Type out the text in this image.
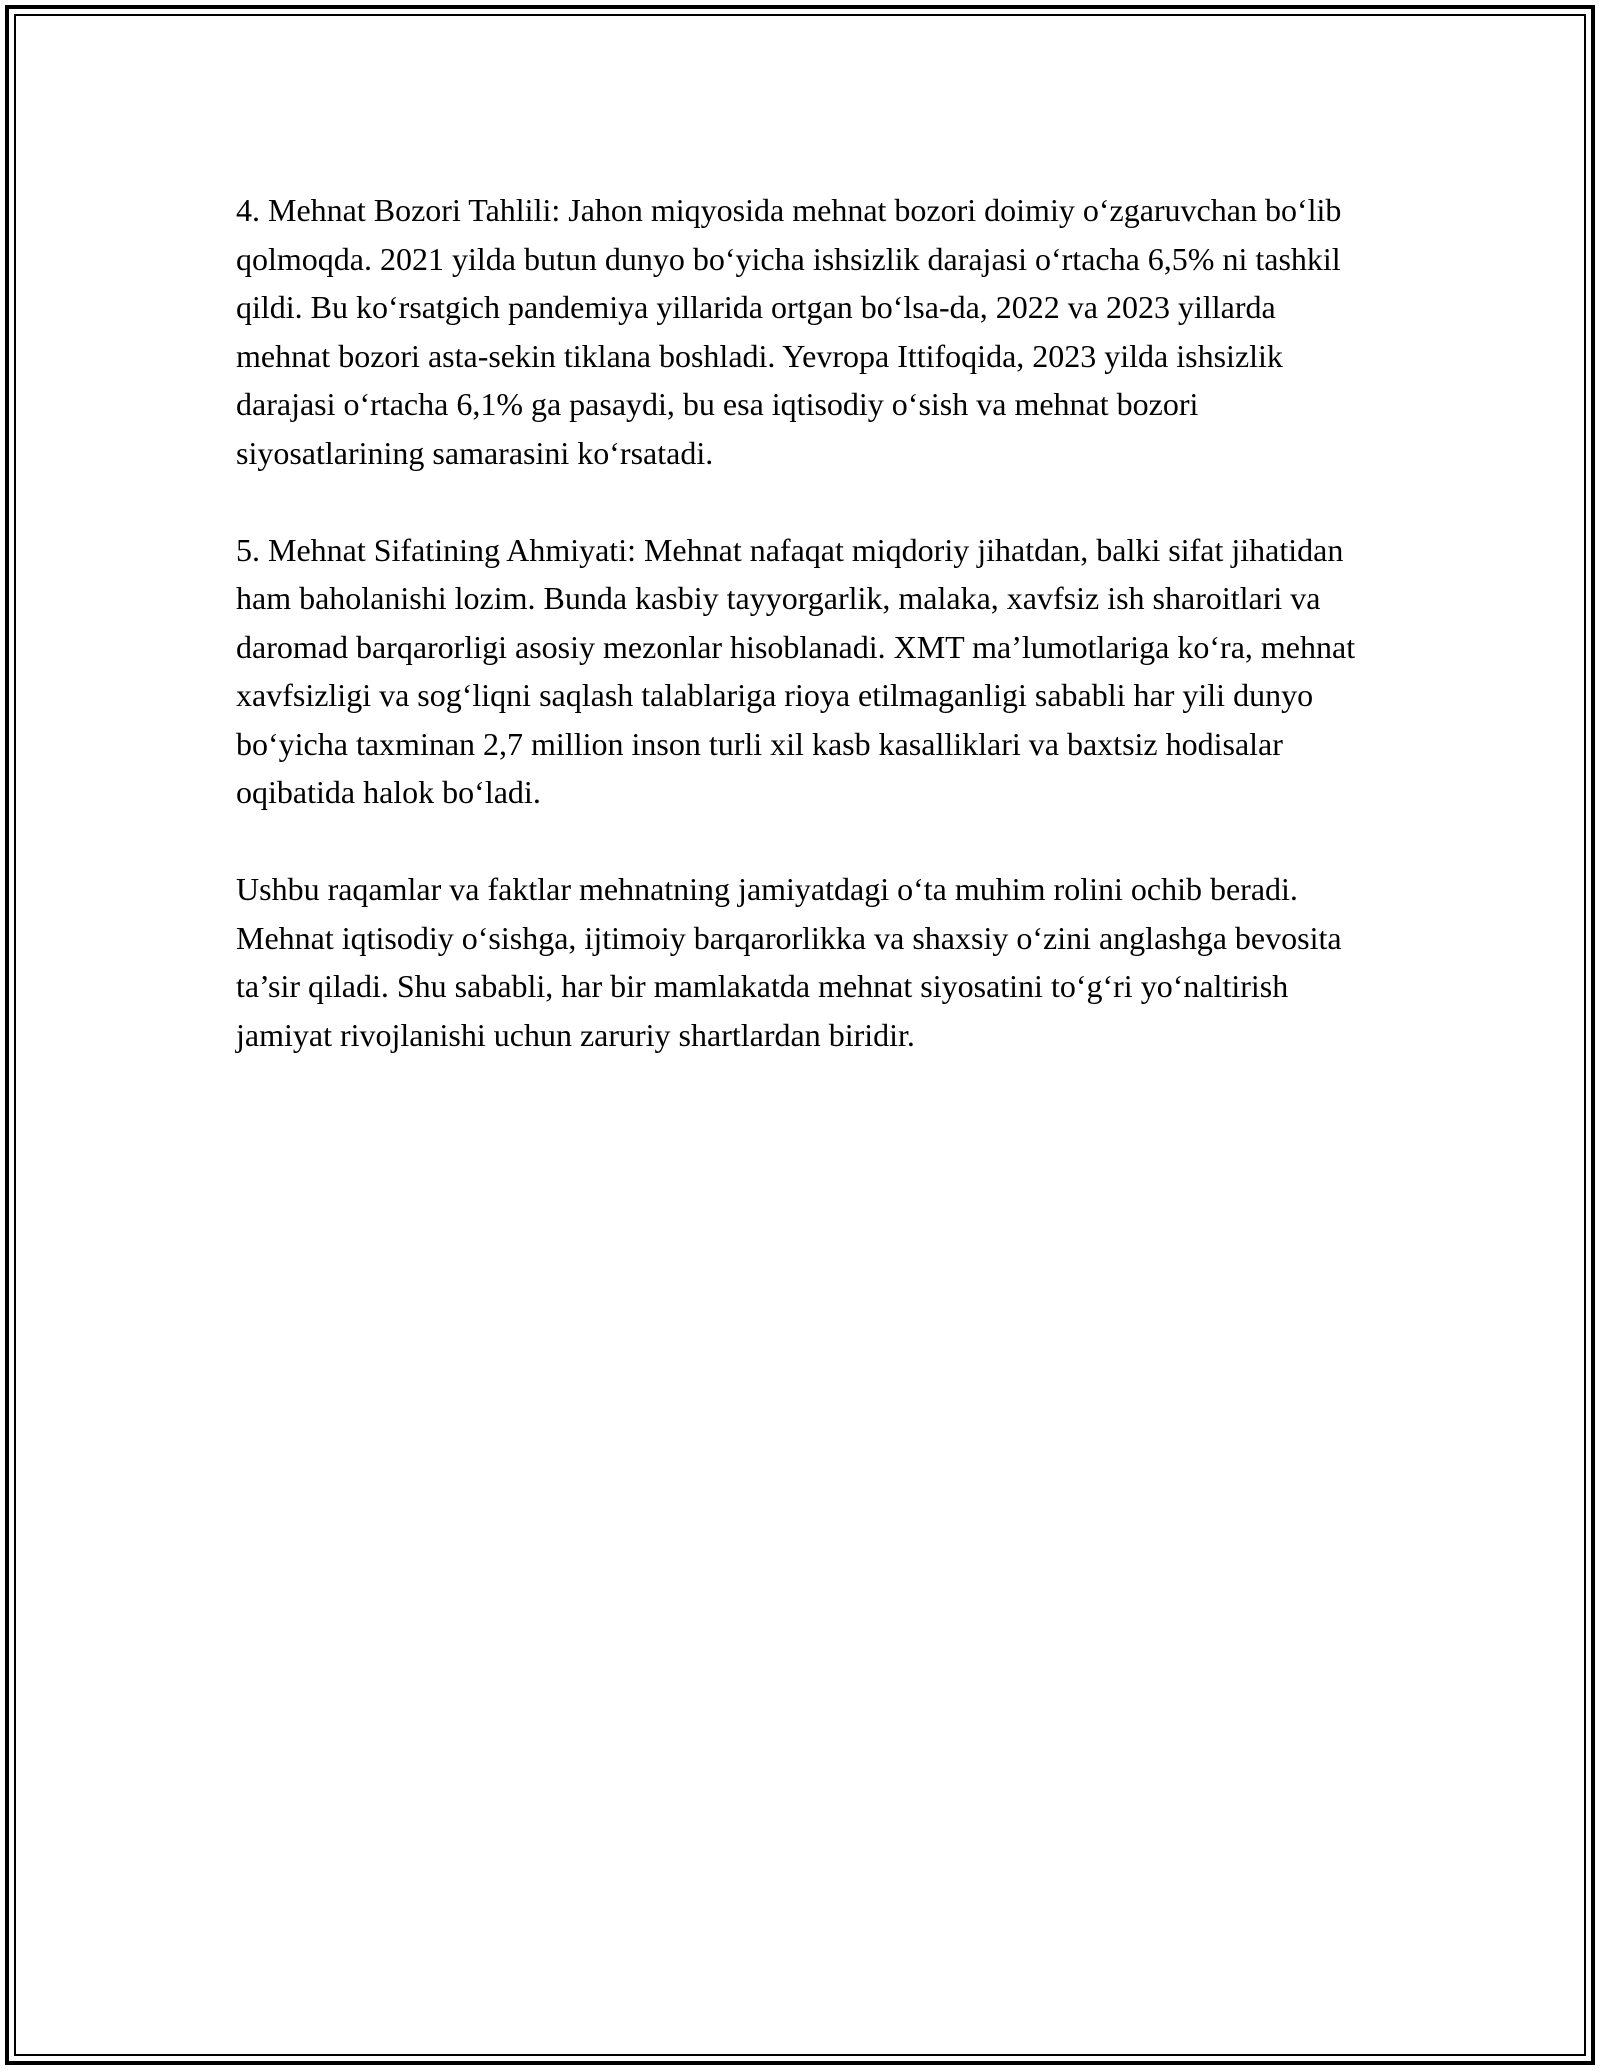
4. Mehnat Bozori Tahlili: Jahon miqyosida mehnat bozori doimiy o‘zgaruvchan bo‘lib qolmoqda. 2021 yilda butun dunyo bo‘yicha ishsizlik darajasi o‘rtacha 6,5% ni tashkil qildi. Bu ko‘rsatgich pandemiya yillarida ortgan bo‘lsa-da, 2022 va 2023 yillarda mehnat bozori asta-sekin tiklana boshladi. Yevropa Ittifoqida, 2023 yilda ishsizlik darajasi o‘rtacha 6,1% ga pasaydi, bu esa iqtisodiy o‘sish va mehnat bozori siyosatlarining samarasini ko‘rsatadi.

5. Mehnat Sifatining Ahmiyati: Mehnat nafaqat miqdoriy jihatdan, balki sifat jihatidan ham baholanishi lozim. Bunda kasbiy tayyorgarlik, malaka, xavfsiz ish sharoitlari va daromad barqarorligi asosiy mezonlar hisoblanadi. XMT ma’lumotlariga ko‘ra, mehnat xavfsizligi va sog‘liqni saqlash talablariga rioya etilmaganligi sababli har yili dunyo bo‘yicha taxminan 2,7 million inson turli xil kasb kasalliklari va baxtsiz hodisalar oqibatida halok bo‘ladi.

Ushbu raqamlar va faktlar mehnatning jamiyatdagi o‘ta muhim rolini ochib beradi. Mehnat iqtisodiy o‘sishga, ijtimoiy barqarorlikka va shaxsiy o‘zini anglashga bevosita ta’sir qiladi. Shu sababli, har bir mamlakatda mehnat siyosatini to‘g‘ri yo‘naltirish jamiyat rivojlanishi uchun zaruriy shartlardan biridir.
